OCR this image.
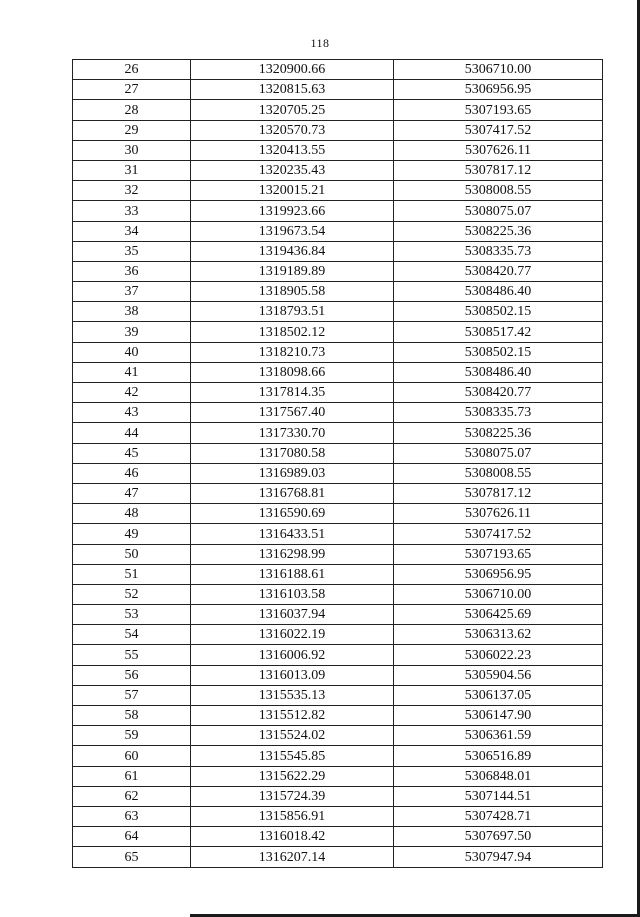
118
26	1320900.66	5306710.00
27	1320815.63	5306956.95
28	1320705.25	5307193.65
29	1320570.73	5307417.52
30	1320413.55	5307626.11
31	1320235.43	5307817.12
32	1320015.21	5308008.55
33	1319923.66	5308075.07
34	1319673.54	5308225.36
35	1319436.84	5308335.73
36	1319189.89	5308420.77
37	1318905.58	5308486.40
38	1318793.51	5308502.15
39	1318502.12	5308517.42
40	1318210.73	5308502.15
41	1318098.66	5308486.40
42	1317814.35	5308420.77
43	1317567.40	5308335.73
44	1317330.70	5308225.36
45	1317080.58	5308075.07
46	1316989.03	5308008.55
47	1316768.81	5307817.12
48	1316590.69	5307626.11
49	1316433.51	5307417.52
50	1316298.99	5307193.65
51	1316188.61	5306956.95
52	1316103.58	5306710.00
53	1316037.94	5306425.69
54	1316022.19	5306313.62
55	1316006.92	5306022.23
56	1316013.09	5305904.56
57	1315535.13	5306137.05
58	1315512.82	5306147.90
59	1315524.02	5306361.59
60	1315545.85	5306516.89
61	1315622.29	5306848.01
62	1315724.39	5307144.51
63	1315856.91	5307428.71
64	1316018.42	5307697.50
65	1316207.14	5307947.94
